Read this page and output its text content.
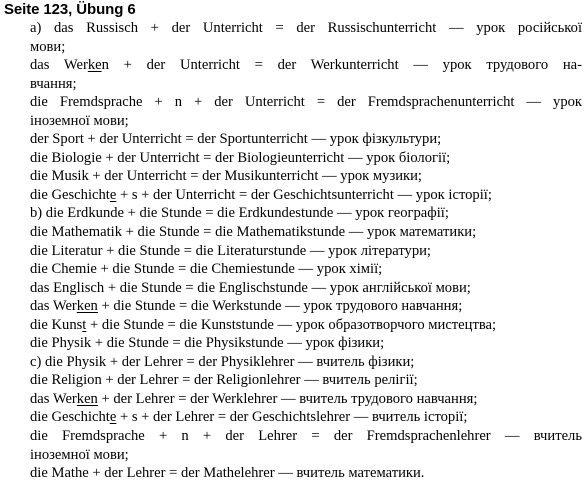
Seite 123, Übung 6
a) das Russisch + der Unterricht = der Russischunterricht — урок російської
мови;
das Werken + der Unterricht = der Werkunterricht — урок трудового на-
вчання;
die Fremdsprache + n + der Unterricht = der Fremdsprachenunterricht — урок
іноземної мови;
der Sport + der Unterricht = der Sportunterricht — урок фізкультури;
die Biologie + der Unterricht = der Biologieunterricht — урок біології;
die Musik + der Unterricht = der Musikunterricht — урок музики;
die Geschichte + s + der Unterricht = der Geschichtsunterricht — урок історії;
b) die Erdkunde + die Stunde = die Erdkundestunde — урок географії;
die Mathematik + die Stunde = die Mathematikstunde — урок математики;
die Literatur + die Stunde = die Literaturstunde — урок літератури;
die Chemie + die Stunde = die Chemiestunde — урок хімії;
das Englisch + die Stunde = die Englischstunde — урок англійської мови;
das Werken + die Stunde = die Werkstunde — урок трудового навчання;
die Kunst + die Stunde = die Kunststunde — урок образотворчого мистецтва;
die Physik + die Stunde = die Physikstunde — урок фізики;
c) die Physik + der Lehrer = der Physiklehrer — вчитель фізики;
die Religion + der Lehrer = der Religionlehrer — вчитель релігії;
das Werken + der Lehrer = der Werklehrer — вчитель трудового навчання;
die Geschichte + s + der Lehrer = der Geschichtslehrer — вчитель історії;
die Fremdsprache + n + der Lehrer = der Fremdsprachenlehrer — вчитель
іноземної мови;
die Mathe + der Lehrer = der Mathelehrer — вчитель математики.
